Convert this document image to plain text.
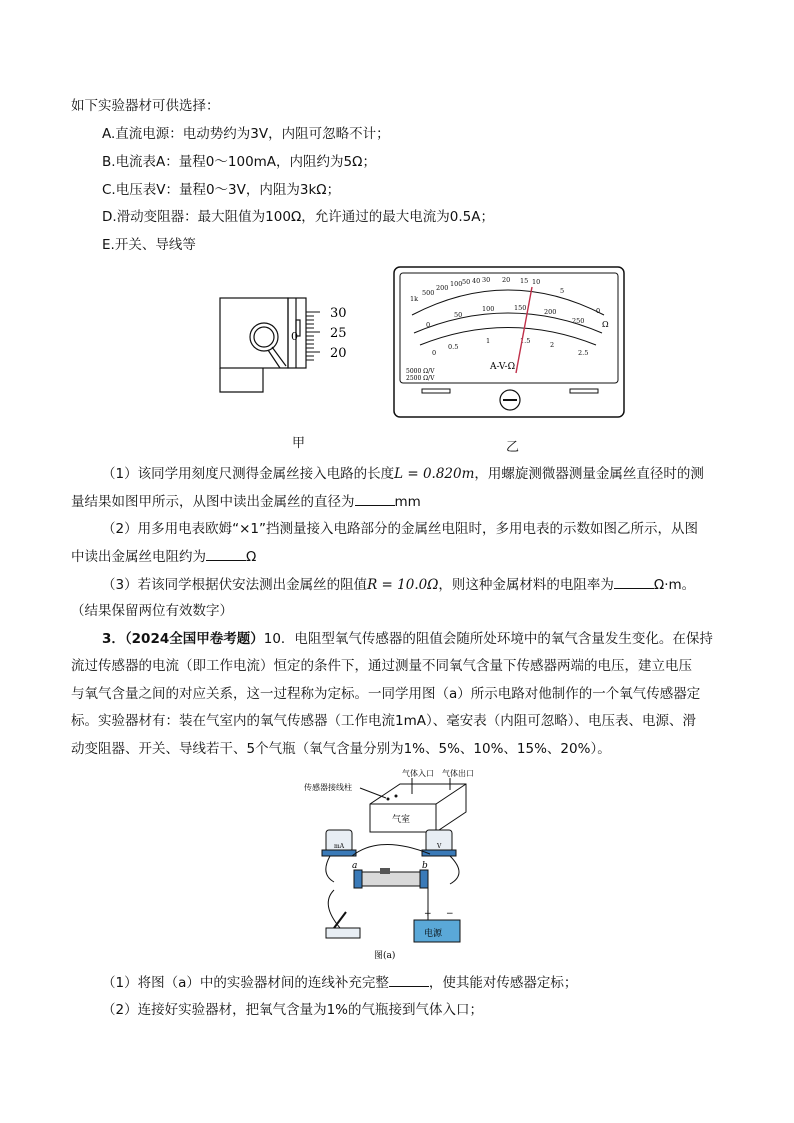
如下实验器材可供选择：
A.直流电源：电动势约为3V，内阻可忽略不计；
B.电流表A：量程0～100mA，内阻约为5Ω；
C.电压表V：量程0～3V，内阻为3kΩ；
D.滑动变阻器：最大阻值为100Ω，允许通过的最大电流为0.5A；
E.开关、导线等
30
25
20
0
甲
1k
500
200 100 50 40 30 20 15 10
5
0
Ω
0
50
100	150	200
250
0
0.5
1	1.5	2
2.5
A-V-Ω
5000 Ω/V
2500 Ω/V
乙
（1）该同学用刻度尺测得金属丝接入电路的长度L = 0.820m，用螺旋测微器测量金属丝直径时的测
量结果如图甲所示，从图中读出金属丝的直径为	mm
（2）用多用电表欧姆“×1”挡测量接入电路部分的金属丝电阻时，多用电表的示数如图乙所示，从图
中读出金属丝电阻约为	Ω
（3）若该同学根据伏安法测出金属丝的阻值R = 10.0Ω，则这种金属材料的电阻率为	Ω·m。
（结果保留两位有效数字）
3．（2024全国甲卷考题）10．电阻型氧气传感器的阻值会随所处环境中的氧气含量发生变化。在保持
流过传感器的电流（即工作电流）恒定的条件下，通过测量不同氧气含量下传感器两端的电压，建立电压
与氧气含量之间的对应关系，这一过程称为定标。一同学用图（a）所示电路对他制作的一个氧气传感器定
标。实验器材有：装在气室内的氧气传感器（工作电流1mA）、毫安表（内阻可忽略）、电压表、电源、滑
动变阻器、开关、导线若干、5个气瓶（氧气含量分别为1%、5%、10%、15%、20%）。
气室
气体入口 气体出口
传感器接线柱
mA	V
a	b
电源
+ −
图(a)
（1）将图（a）中的实验器材间的连线补充完整	，使其能对传感器定标；
（2）连接好实验器材，把氧气含量为1%的气瓶接到气体入口；
